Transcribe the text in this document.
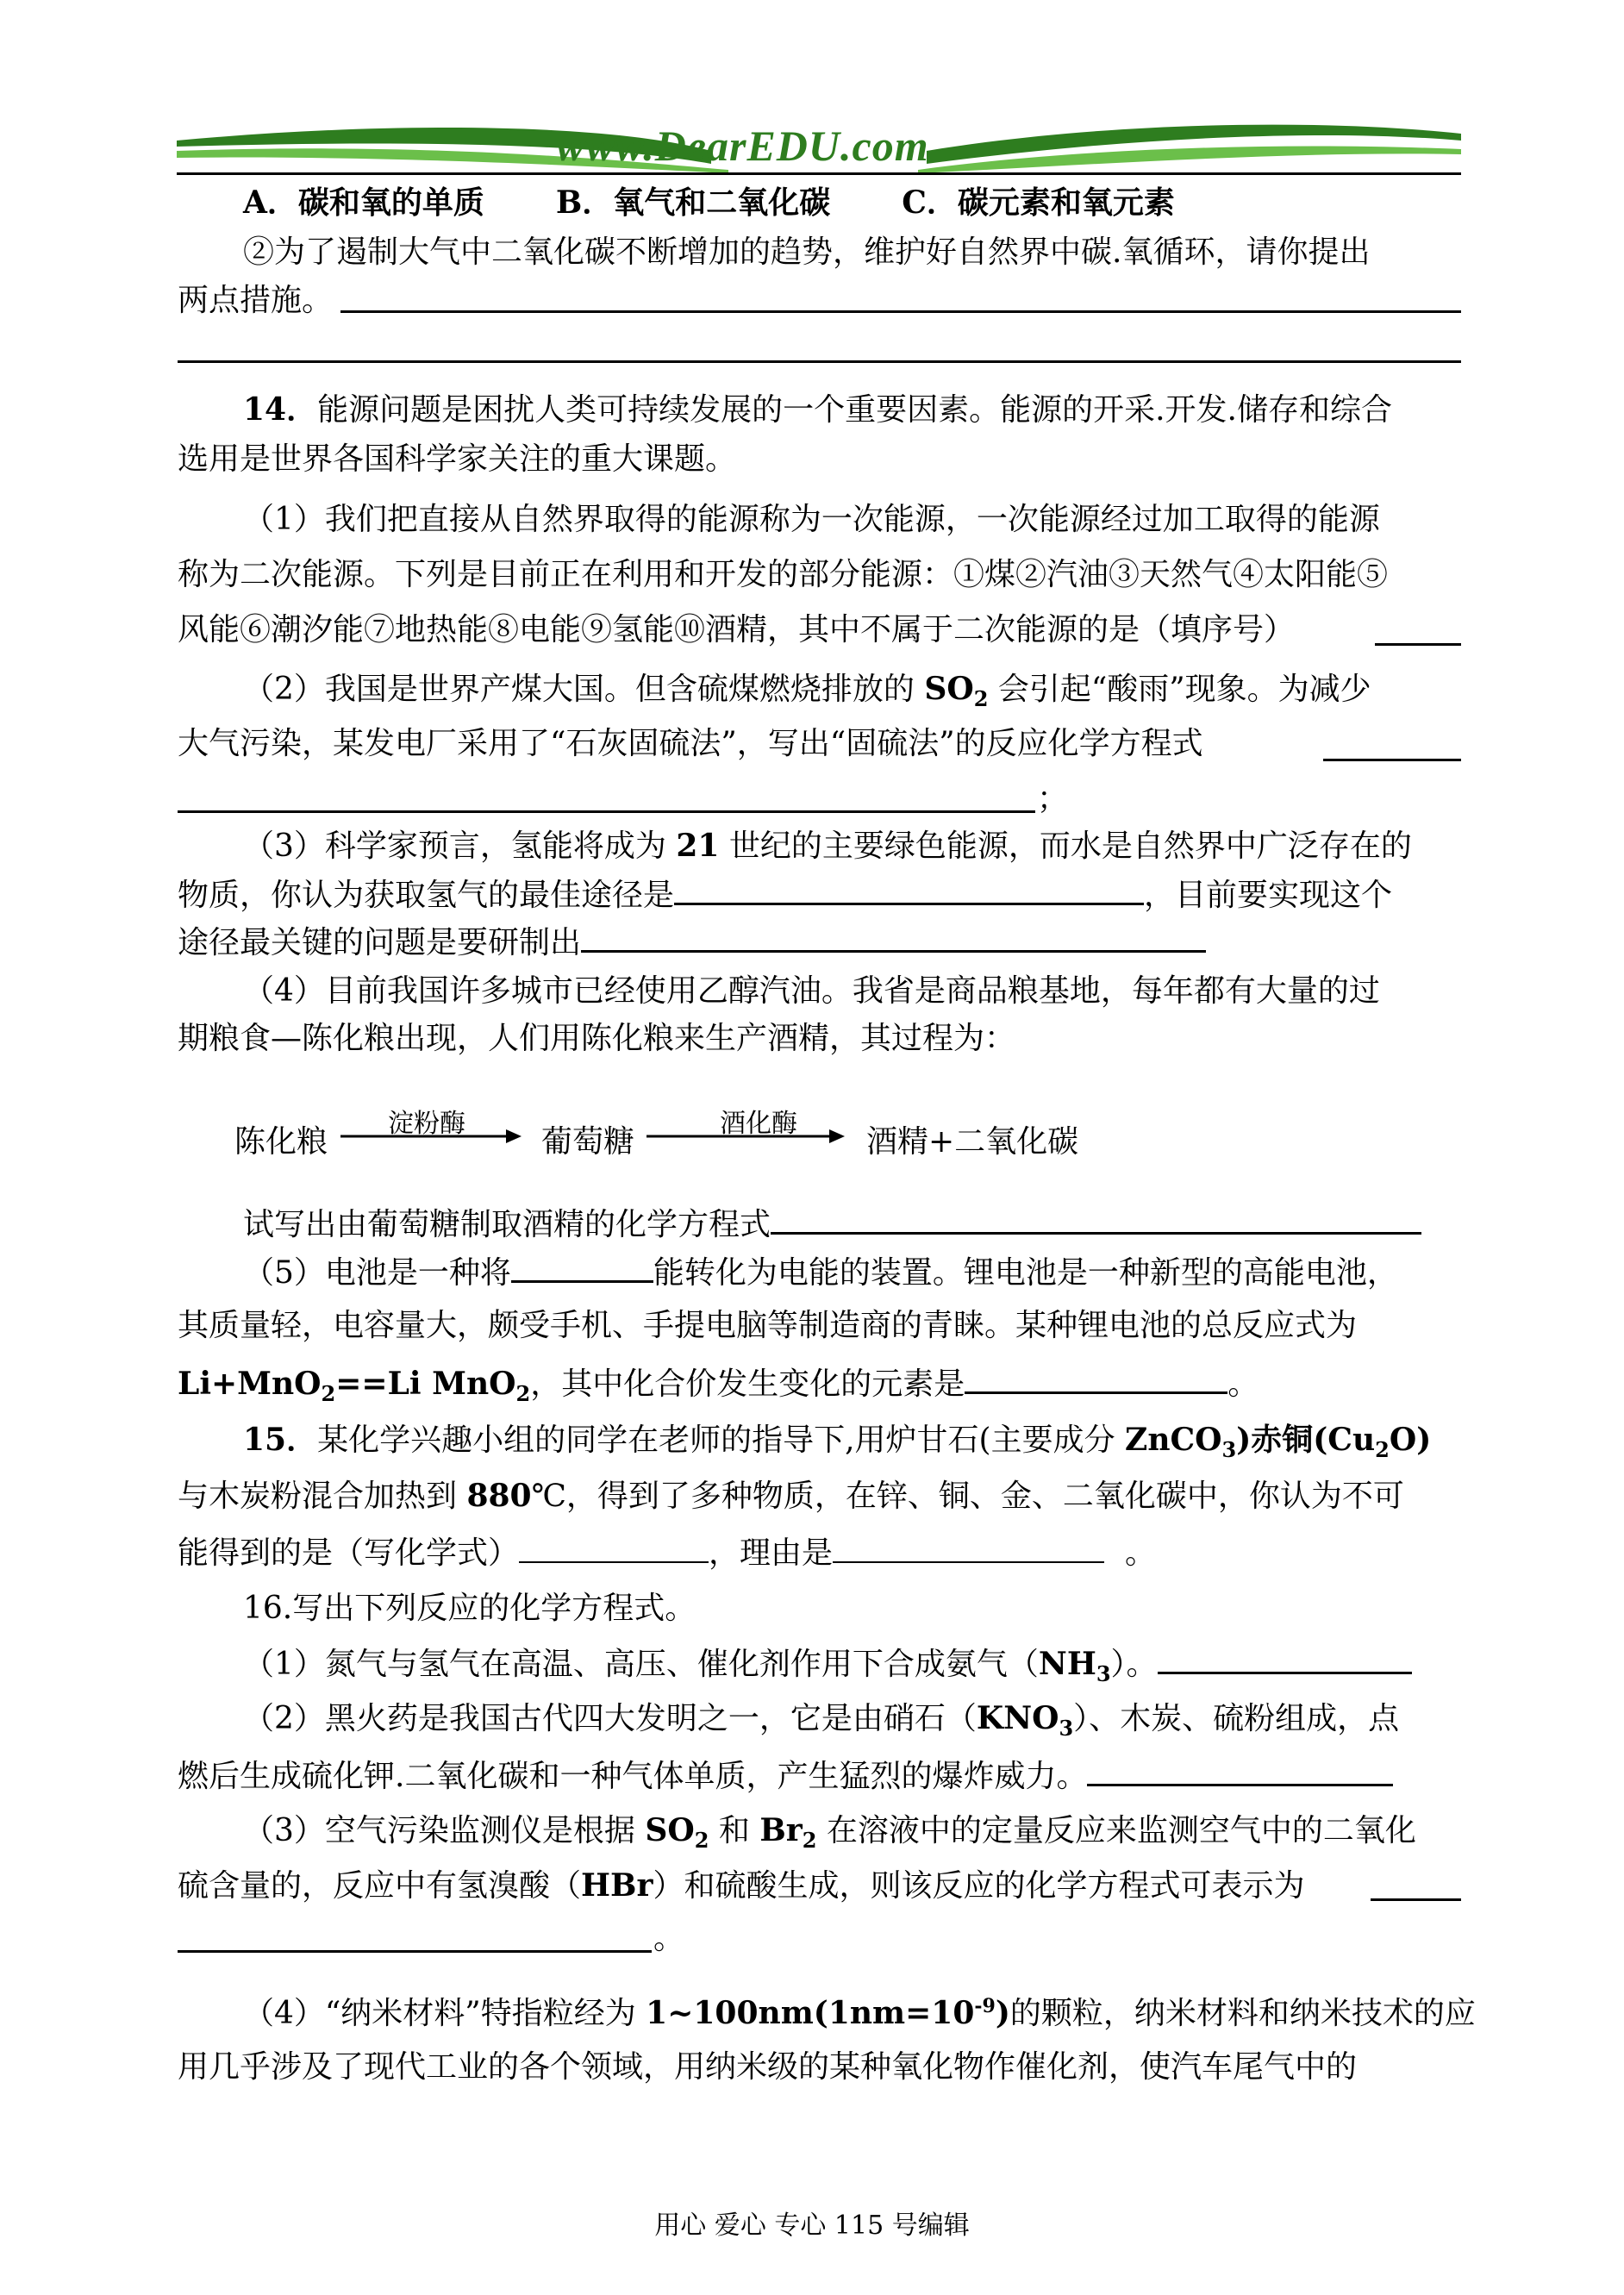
www.DearEDU.com
A．碳和氧的单质 B．氧气和二氧化碳 C．碳元素和氧元素
②为了遏制大气中二氧化碳不断增加的趋势，维护好自然界中碳.氧循环，请你提出
两点措施。
14．能源问题是困扰人类可持续发展的一个重要因素。能源的开采.开发.储存和综合
选用是世界各国科学家关注的重大课题。
（1）我们把直接从自然界取得的能源称为一次能源，一次能源经过加工取得的能源
称为二次能源。下列是目前正在利用和开发的部分能源：①煤②汽油③天然气④太阳能⑤
风能⑥潮汐能⑦地热能⑧电能⑨氢能⑩酒精，其中不属于二次能源的是（填序号）
（2）我国是世界产煤大国。但含硫煤燃烧排放的 $SO_2$ 会引起“酸雨”现象。为减少
大气污染，某发电厂采用了“石灰固硫法”，写出“固硫法”的反应化学方程式
；
（3）科学家预言，氢能将成为 21 世纪的主要绿色能源，而水是自然界中广泛存在的
物质，你认为获取氢气的最佳途径是	，目前要实现这个
途径最关键的问题是要研制出
（4）目前我国许多城市已经使用乙醇汽油。我省是商品粮基地，每年都有大量的过
期粮食—陈化粮出现，人们用陈化粮来生产酒精，其过程为：
陈化粮
淀粉酶
葡萄糖
酒化酶
酒精+二氧化碳
试写出由葡萄糖制取酒精的化学方程式
（5）电池是一种将	能转化为电能的装置。锂电池是一种新型的高能电池，
其质量轻，电容量大，颇受手机、手提电脑等制造商的青睐。某种锂电池的总反应式为
Li+MnO$_2$==Li MnO$_2$，其中化合价发生变化的元素是	。
15．某化学兴趣小组的同学在老师的指导下,用炉甘石(主要成分 ZnCO$_3$)赤铜$(Cu_2O)$
与木炭粉混合加热到 880℃，得到了多种物质，在锌、铜、金、二氧化碳中，你认为不可
能得到的是（写化学式）	，理由是	。
16.写出下列反应的化学方程式。
（1）氮气与氢气在高温、高压、催化剂作用下合成氨气$(NH_3)$。
（2）黑火药是我国古代四大发明之一，它是由硝石$(KNO_3)$、木炭、硫粉组成，点
燃后生成硫化钾.二氧化碳和一种气体单质，产生猛烈的爆炸威力。
（3）空气污染监测仪是根据 $SO_2$ 和 $Br_2$ 在溶液中的定量反应来监测空气中的二氧化
硫含量的，反应中有氢溴酸（HBr）和硫酸生成，则该反应的化学方程式可表示为
。
（4）“纳米材料”特指粒经为 $1\sim 100nm(1nm=10^{-9})$的颗粒，纳米材料和纳米技术的应
用几乎涉及了现代工业的各个领域，用纳米级的某种氧化物作催化剂，使汽车尾气中的
用心 爱心 专心 115 号编辑
